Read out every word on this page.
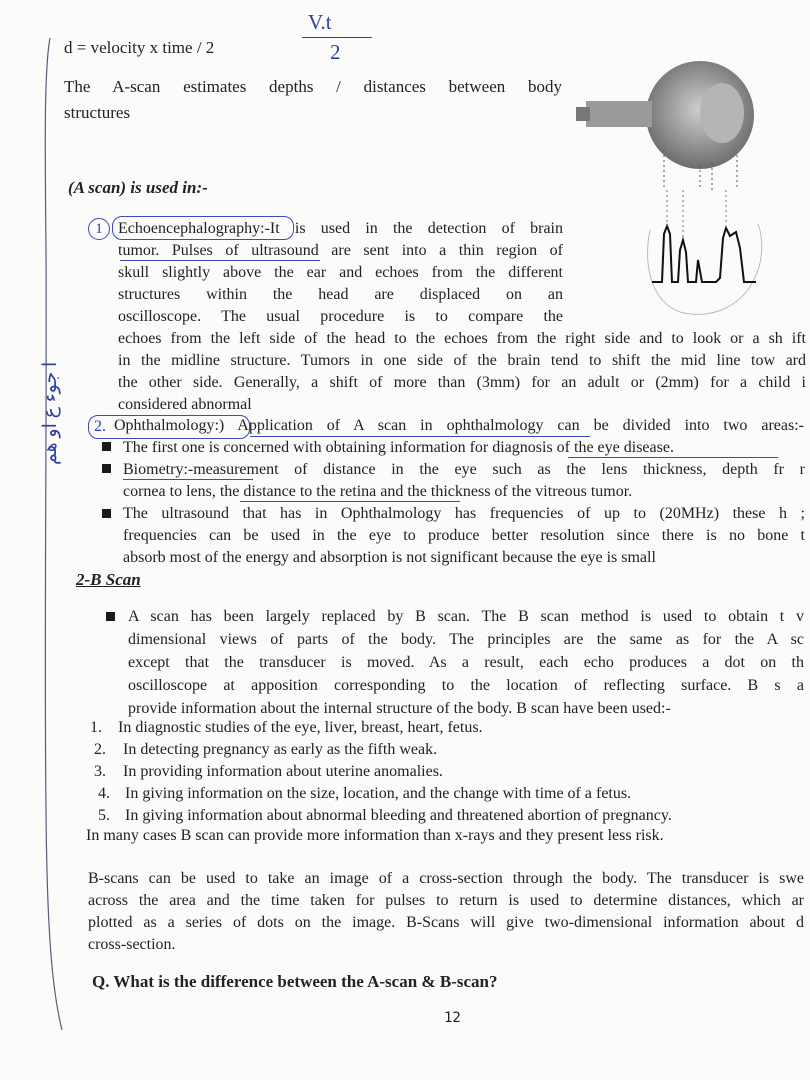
ا جوء ع او هم
d = velocity x time / 2
V.t
2
The A-scan estimates depths / distances between body
structures
(A scan) is used in:-
1 Echoencephalography:-It is used in the detection of brain
tumor. Pulses of ultrasound are sent into a thin region of
skull slightly above the ear and echoes from the different
structures within the head are displaced on an
oscilloscope. The usual procedure is to compare the
echoes from the left side of the head to the echoes from the right side and to look or a sh ift
in the midline structure. Tumors in one side of the brain tend to shift the mid line tow ard
the other side. Generally, a shift of more than (3mm) for an adult or (2mm) for a child i
considered abnormal
2. Ophthalmology:) Application of A scan in ophthalmology can be divided into two areas:-
The first one is concerned with obtaining information for diagnosis of the eye disease.
Biometry:-measurement of distance in the eye such as the lens thickness, depth fr r
cornea to lens, the distance to the retina and the thickness of the vitreous tumor.
The ultrasound that has in Ophthalmology has frequencies of up to (20MHz) these h ;
frequencies can be used in the eye to produce better resolution since there is no bone t
absorb most of the energy and absorption is not significant because the eye is small
2-B Scan
A scan has been largely replaced by B scan. The B scan method is used to obtain t v
dimensional views of parts of the body. The principles are the same as for the A sc
except that the transducer is moved. As a result, each echo produces a dot on th
oscilloscope at apposition corresponding to the location of reflecting surface. B s a
provide information about the internal structure of the body. B scan have been used:-
1. In diagnostic studies of the eye, liver, breast, heart, fetus.
2. In detecting pregnancy as early as the fifth weak.
3. In providing information about uterine anomalies.
4. In giving information on the size, location, and the change with time of a fetus.
5. In giving information about abnormal bleeding and threatened abortion of pregnancy.
In many cases B scan can provide more information than x-rays and they present less risk.
B-scans can be used to take an image of a cross-section through the body. The transducer is swe
across the area and the time taken for pulses to return is used to determine distances, which ar
plotted as a series of dots on the image. B-Scans will give two-dimensional information about d
cross-section.
Q. What is the difference between the A-scan & B-scan?
12
